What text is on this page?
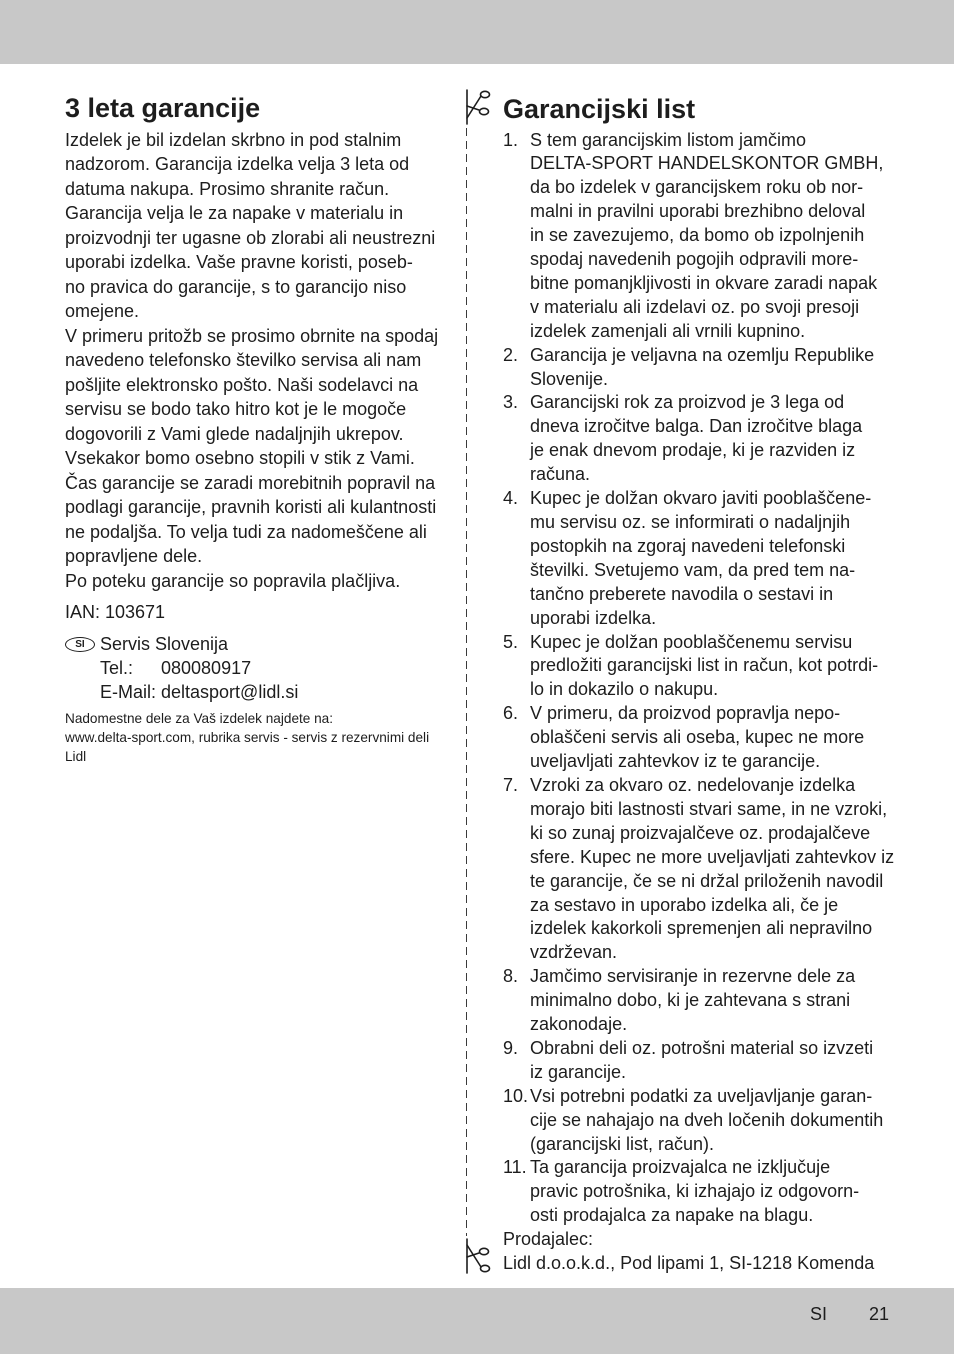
3 leta garancije
Izdelek je bil izdelan skrbno in pod stalnim
nadzorom. Garancija izdelka velja 3 leta od
datuma nakupa. Prosimo shranite račun.
Garancija velja le za napake v materialu in
proizvodnji ter ugasne ob zlorabi ali neustrezni
uporabi izdelka. Vaše pravne koristi, poseb-
no pravica do garancije, s to garancijo niso
omejene.
V primeru pritožb se prosimo obrnite na spodaj
navedeno telefonsko številko servisa ali nam
pošljite elektronsko pošto. Naši sodelavci na
servisu se bodo tako hitro kot je le mogoče
dogovorili z Vami glede nadaljnjih ukrepov.
Vsekakor bomo osebno stopili v stik z Vami.
Čas garancije se zaradi morebitnih popravil na
podlagi garancije, pravnih koristi ali kulantnosti
ne podaljša. To velja tudi za nadomeščene ali
popravljene dele.
Po poteku garancije so popravila plačljiva.
IAN: 103671
SI Servis Slovenija
Tel.: 080080917
E-Mail: deltasport@lidl.si
Nadomestne dele za Vaš izdelek najdete na:
www.delta-sport.com, rubrika servis - servis z rezervnimi deli
Lidl
Garancijski list
1. S tem garancijskim listom jamčimo
DELTA-SPORT HANDELSKONTOR GMBH,
da bo izdelek v garancijskem roku ob nor-
malni in pravilni uporabi brezhibno deloval
in se zavezujemo, da bomo ob izpolnjenih
spodaj navedenih pogojih odpravili more-
bitne pomanjkljivosti in okvare zaradi napak
v materialu ali izdelavi oz. po svoji presoji
izdelek zamenjali ali vrnili kupnino.
2. Garancija je veljavna na ozemlju Republike
Slovenije.
3. Garancijski rok za proizvod je 3 lega od
dneva izročitve balga. Dan izročitve blaga
je enak dnevom prodaje, ki je razviden iz
računa.
4. Kupec je dolžan okvaro javiti pooblaščene-
mu servisu oz. se informirati o nadaljnjih
postopkih na zgoraj navedeni telefonski
številki. Svetujemo vam, da pred tem na-
tančno preberete navodila o sestavi in
uporabi izdelka.
5. Kupec je dolžan pooblaščenemu servisu
predložiti garancijski list in račun, kot potrdi-
lo in dokazilo o nakupu.
6. V primeru, da proizvod popravlja nepo-
oblaščeni servis ali oseba, kupec ne more
uveljavljati zahtevkov iz te garancije.
7. Vzroki za okvaro oz. nedelovanje izdelka
morajo biti lastnosti stvari same, in ne vzroki,
ki so zunaj proizvajalčeve oz. prodajalčeve
sfere. Kupec ne more uveljavljati zahtevkov iz
te garancije, če se ni držal priloženih navodil
za sestavo in uporabo izdelka ali, če je
izdelek kakorkoli spremenjen ali nepravilno
vzdrževan.
8. Jamčimo servisiranje in rezervne dele za
minimalno dobo, ki je zahtevana s strani
zakonodaje.
9. Obrabni deli oz. potrošni material so izvzeti
iz garancije.
10. Vsi potrebni podatki za uveljavljanje garan-
cije se nahajajo na dveh ločenih dokumentih
(garancijski list, račun).
11. Ta garancija proizvajalca ne izključuje
pravic potrošnika, ki izhajajo iz odgovorn-
osti prodajalca za napake na blagu.
Prodajalec:
Lidl d.o.o.k.d., Pod lipami 1, SI-1218 Komenda
SI 21
